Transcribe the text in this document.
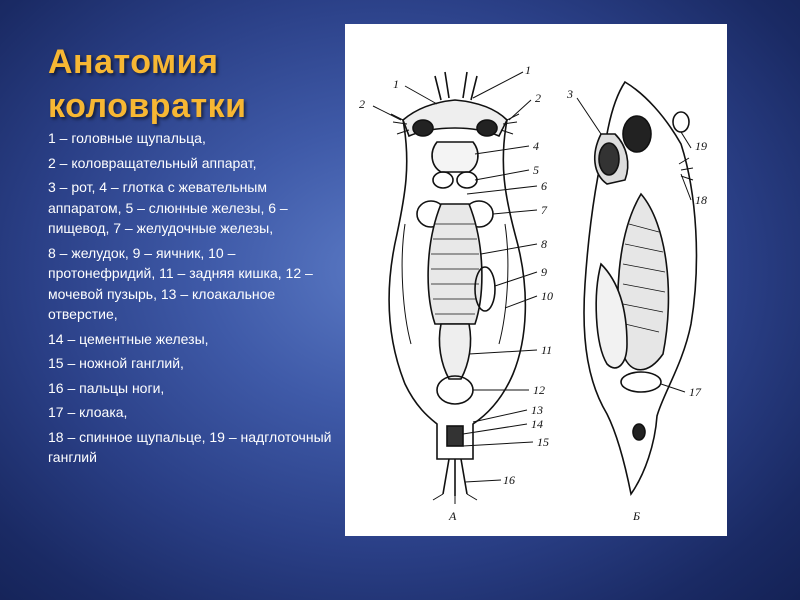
Анатомия коловратки

1 – головные щупальца,

2 – коловращательный аппарат,

3 – рот, 4 – глотка с жевательным аппаратом, 5 – слюнные железы, 6 – пищевод, 7 – желудочные железы,

8 – желудок, 9 – яичник, 10 – протонефридий, 11 – задняя кишка, 12 – мочевой пузырь, 13 – клоакальное отверстие,

14 – цементные железы,

15 – ножной ганглий,

16 – пальцы ноги,

17 – клоака,

18 – спинное щупальце, 19 – надглоточный ганглий

1
1
2	2 3
4
5
6
7
8
9
10
11
12
13
14
15
16
17
18
19
А	Б
